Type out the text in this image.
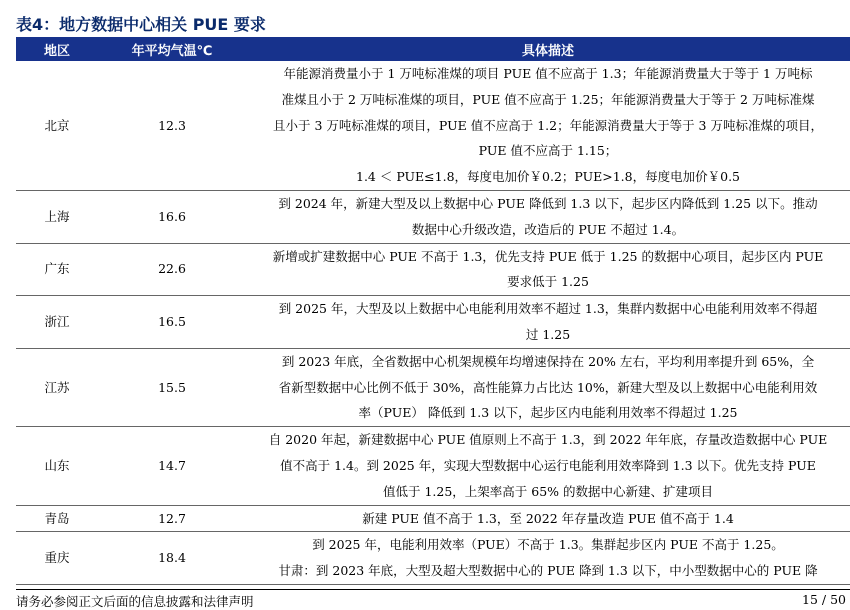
表4：地方数据中心相关 PUE 要求
地区	年平均气温℃	具体描述
北京	12.3	年能源消费量小于 1 万吨标准煤的项目 PUE 值不应高于 1.3；年能源消费量大于等于 1 万吨标
准煤且小于 2 万吨标准煤的项目，PUE 值不应高于 1.25；年能源消费量大于等于 2 万吨标准煤
且小于 3 万吨标准煤的项目，PUE 值不应高于 1.2；年能源消费量大于等于 3 万吨标准煤的项目，
PUE 值不应高于 1.15；
1.4 ＜ PUE≤1.8，每度电加价￥0.2；PUE>1.8，每度电加价￥0.5

上海	16.6	到 2024 年，新建大型及以上数据中心 PUE 降低到 1.3 以下，起步区内降低到 1.25 以下。推动
数据中心升级改造，改造后的 PUE 不超过 1.4。

广东	22.6	新增或扩建数据中心 PUE 不高于 1.3，优先支持 PUE 低于 1.25 的数据中心项目，起步区内 PUE
要求低于 1.25

浙江	16.5	到 2025 年，大型及以上数据中心电能利用效率不超过 1.3，集群内数据中心电能利用效率不得超
过 1.25

江苏	15.5	到 2023 年底，全省数据中心机架规模年均增速保持在 20% 左右，平均利用率提升到 65%，全
省新型数据中心比例不低于 30%，高性能算力占比达 10%，新建大型及以上数据中心电能利用效
率（PUE） 降低到 1.3 以下，起步区内电能利用效率不得超过 1.25

山东	14.7	自 2020 年起，新建数据中心 PUE 值原则上不高于 1.3，到 2022 年年底，存量改造数据中心 PUE
值不高于 1.4。到 2025 年，实现大型数据中心运行电能利用效率降到 1.3 以下。优先支持 PUE
值低于 1.25，上架率高于 65% 的数据中心新建、扩建项目

青岛	12.7	新建 PUE 值不高于 1.3，至 2022 年存量改造 PUE 值不高于 1.4

重庆	18.4	到 2025 年，电能利用效率（PUE）不高于 1.3。集群起步区内 PUE 不高于 1.25。
甘肃：到 2023 年底，大型及超大型数据中心的 PUE 降到 1.3 以下，中小型数据中心的 PUE 降
请务必参阅正文后面的信息披露和法律声明	15 / 50
